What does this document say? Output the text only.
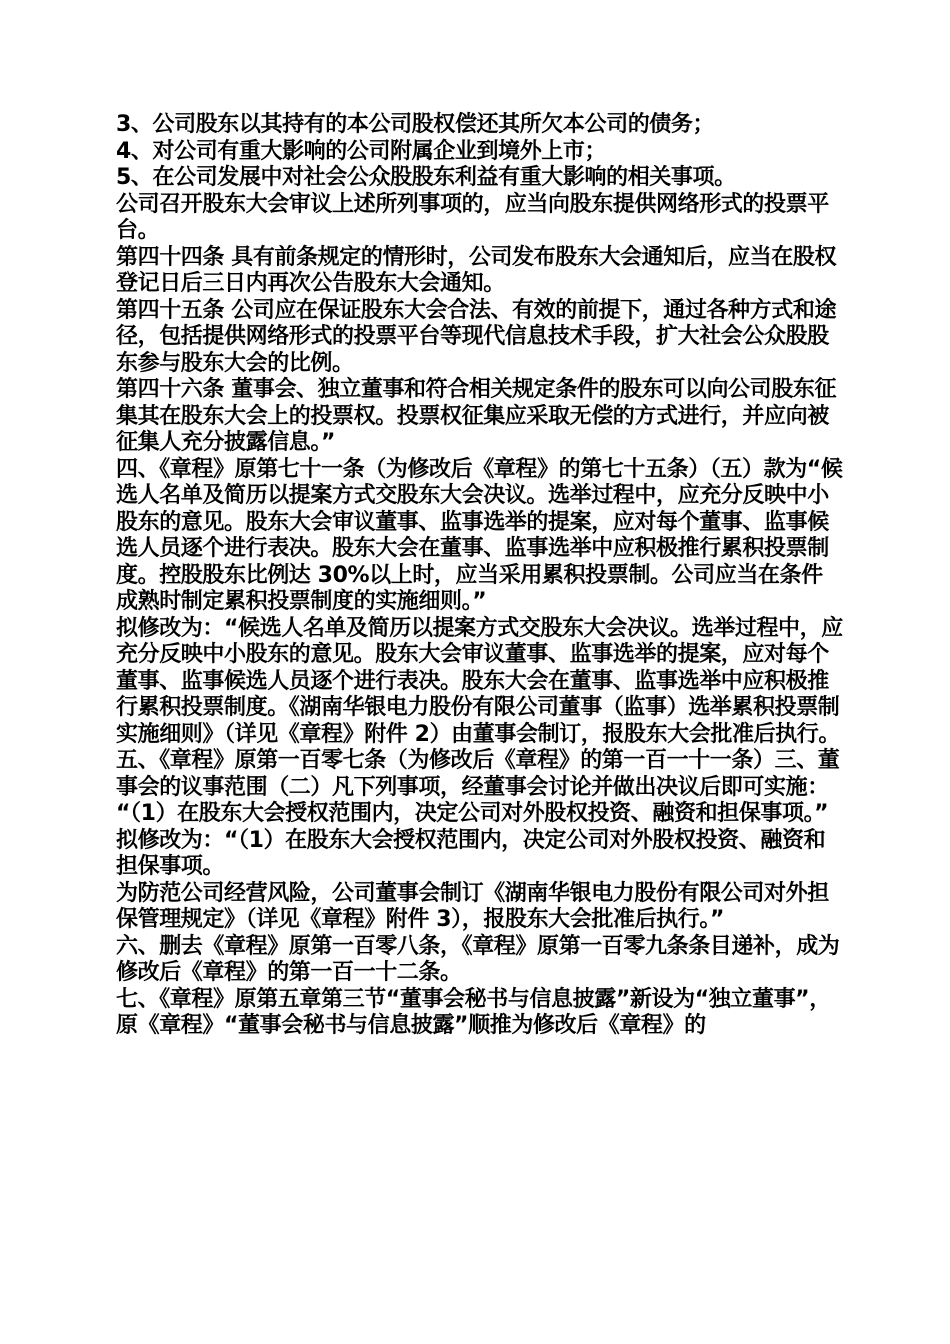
3、公司股东以其持有的本公司股权偿还其所欠本公司的债务；

4、对公司有重大影响的公司附属企业到境外上市；

5、在公司发展中对社会公众股股东利益有重大影响的相关事项。

公司召开股东大会审议上述所列事项的，应当向股东提供网络形式的投票平台。

第四十四条 具有前条规定的情形时，公司发布股东大会通知后，应当在股权登记日后三日内再次公告股东大会通知。

第四十五条 公司应在保证股东大会合法、有效的前提下，通过各种方式和途径，包括提供网络形式的投票平台等现代信息技术手段，扩大社会公众股股东参与股东大会的比例。

第四十六条 董事会、独立董事和符合相关规定条件的股东可以向公司股东征集其在股东大会上的投票权。投票权征集应采取无偿的方式进行，并应向被征集人充分披露信息。”

四、《章程》原第七十一条（为修改后《章程》的第七十五条）（五）款为“候选人名单及简历以提案方式交股东大会决议。选举过程中，应充分反映中小股东的意见。股东大会审议董事、监事选举的提案，应对每个董事、监事候选人员逐个进行表决。股东大会在董事、监事选举中应积极推行累积投票制度。控股股东比例达 30%以上时，应当采用累积投票制。公司应当在条件成熟时制定累积投票制度的实施细则。”

拟修改为：“候选人名单及简历以提案方式交股东大会决议。选举过程中，应充分反映中小股东的意见。股东大会审议董事、监事选举的提案，应对每个董事、监事候选人员逐个进行表决。股东大会在董事、监事选举中应积极推行累积投票制度。《湖南华银电力股份有限公司董事（监事）选举累积投票制实施细则》（详见《章程》附件 2）由董事会制订，报股东大会批准后执行。

五、《章程》原第一百零七条（为修改后《章程》的第一百一十一条）三、董事会的议事范围（二）凡下列事项，经董事会讨论并做出决议后即可实施：

“（1）在股东大会授权范围内，决定公司对外股权投资、融资和担保事项。”

拟修改为：“（1）在股东大会授权范围内，决定公司对外股权投资、融资和担保事项。

为防范公司经营风险，公司董事会制订《湖南华银电力股份有限公司对外担保管理规定》（详见《章程》附件 3），报股东大会批准后执行。”

六、删去《章程》原第一百零八条，《章程》原第一百零九条条目递补，成为修改后《章程》的第一百一十二条。

七、《章程》原第五章第三节“董事会秘书与信息披露”新设为“独立董事”，原《章程》“董事会秘书与信息披露”顺推为修改后《章程》的
